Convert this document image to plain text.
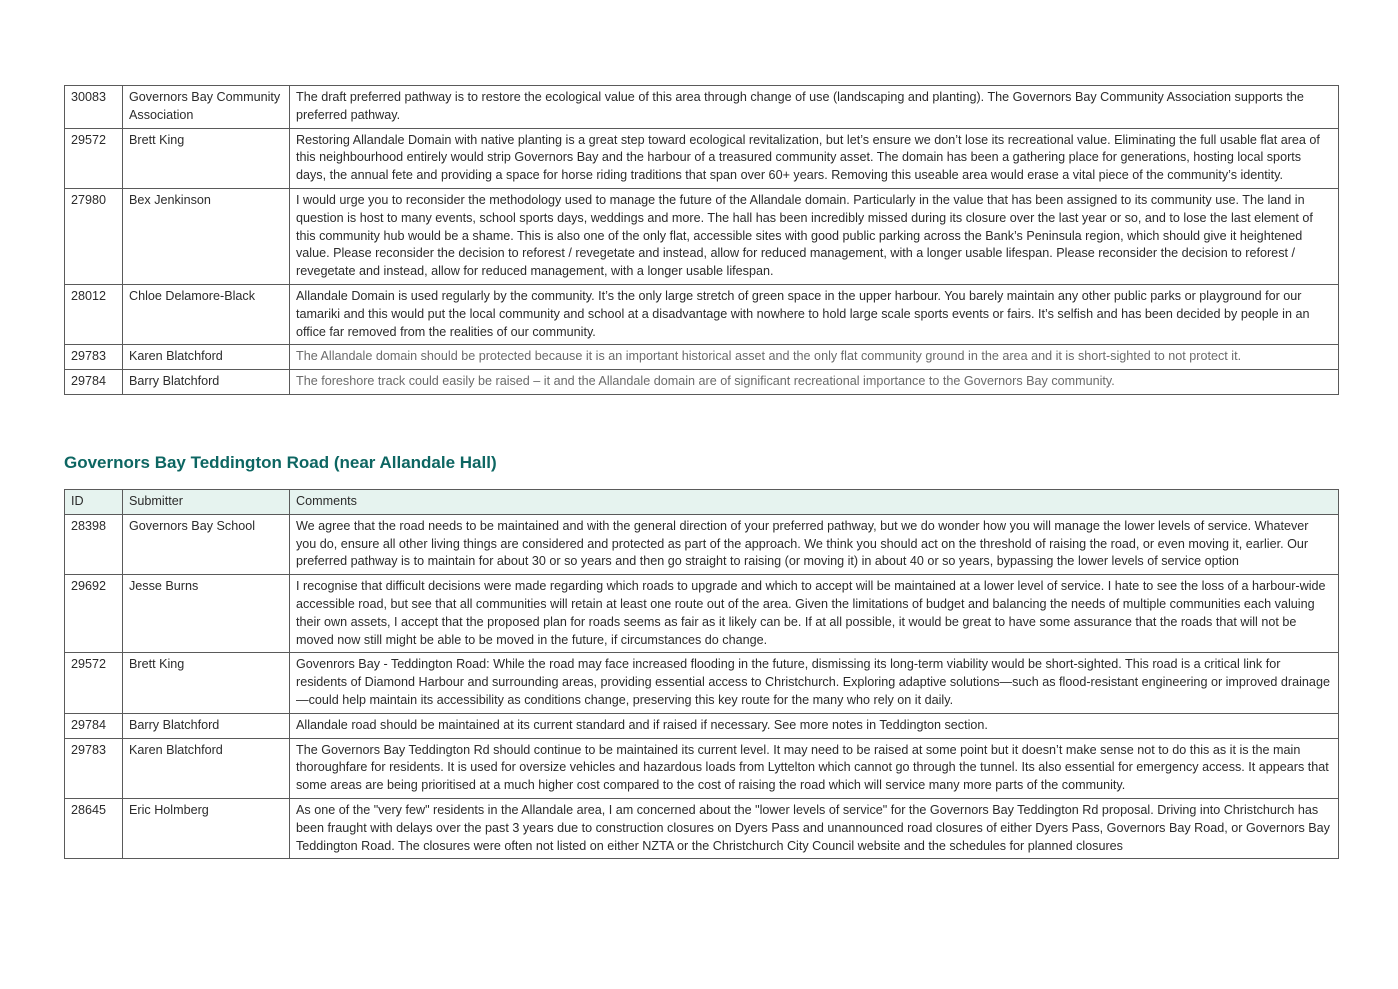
30083	Governors Bay Community Association	The draft preferred pathway is to restore the ecological value of this area through change of use (landscaping and planting). The Governors Bay Community Association supports the preferred pathway.
29572	Brett King	Restoring Allandale Domain with native planting is a great step toward ecological revitalization, but let’s ensure we don’t lose its recreational value. Eliminating the full usable flat area of this neighbourhood entirely would strip Governors Bay and the harbour of a treasured community asset. The domain has been a gathering place for generations, hosting local sports days, the annual fete and providing a space for horse riding traditions that span over 60+ years. Removing this useable area would erase a vital piece of the community’s identity.
27980	Bex Jenkinson	I would urge you to reconsider the methodology used to manage the future of the Allandale domain. Particularly in the value that has been assigned to its community use. The land in question is host to many events, school sports days, weddings and more. The hall has been incredibly missed during its closure over the last year or so, and to lose the last element of this community hub would be a shame. This is also one of the only flat, accessible sites with good public parking across the Bank’s Peninsula region, which should give it heightened value. Please reconsider the decision to reforest / revegetate and instead, allow for reduced management, with a longer usable lifespan. Please reconsider the decision to reforest / revegetate and instead, allow for reduced management, with a longer usable lifespan.
28012	Chloe Delamore-Black	Allandale Domain is used regularly by the community. It’s the only large stretch of green space in the upper harbour. You barely maintain any other public parks or playground for our tamariki and this would put the local community and school at a disadvantage with nowhere to hold large scale sports events or fairs. It’s selfish and has been decided by people in an office far removed from the realities of our community.
29783	Karen Blatchford	The Allandale domain should be protected because it is an important historical asset and the only flat community ground in the area and it is short-sighted to not protect it.
29784	Barry Blatchford	The foreshore track could easily be raised – it and the Allandale domain are of significant recreational importance to the Governors Bay community.
Governors Bay Teddington Road (near Allandale Hall)
ID	Submitter	Comments
28398	Governors Bay School	We agree that the road needs to be maintained and with the general direction of your preferred pathway, but we do wonder how you will manage the lower levels of service. Whatever you do, ensure all other living things are considered and protected as part of the approach. We think you should act on the threshold of raising the road, or even moving it, earlier. Our preferred pathway is to maintain for about 30 or so years and then go straight to raising (or moving it) in about 40 or so years, bypassing the lower levels of service option
29692	Jesse Burns	I recognise that difficult decisions were made regarding which roads to upgrade and which to accept will be maintained at a lower level of service. I hate to see the loss of a harbour-wide accessible road, but see that all communities will retain at least one route out of the area. Given the limitations of budget and balancing the needs of multiple communities each valuing their own assets, I accept that the proposed plan for roads seems as fair as it likely can be. If at all possible, it would be great to have some assurance that the roads that will not be moved now still might be able to be moved in the future, if circumstances do change.
29572	Brett King	Govenrors Bay - Teddington Road: While the road may face increased flooding in the future, dismissing its long-term viability would be short-sighted. This road is a critical link for residents of Diamond Harbour and surrounding areas, providing essential access to Christchurch. Exploring adaptive solutions—such as flood-resistant engineering or improved drainage—could help maintain its accessibility as conditions change, preserving this key route for the many who rely on it daily.
29784	Barry Blatchford	Allandale road should be maintained at its current standard and if raised if necessary. See more notes in Teddington section.
29783	Karen Blatchford	The Governors Bay Teddington Rd should continue to be maintained its current level. It may need to be raised at some point but it doesn’t make sense not to do this as it is the main thoroughfare for residents. It is used for oversize vehicles and hazardous loads from Lyttelton which cannot go through the tunnel. Its also essential for emergency access. It appears that some areas are being prioritised at a much higher cost compared to the cost of raising the road which will service many more parts of the community.
28645	Eric Holmberg	As one of the "very few" residents in the Allandale area, I am concerned about the "lower levels of service" for the Governors Bay Teddington Rd proposal. Driving into Christchurch has been fraught with delays over the past 3 years due to construction closures on Dyers Pass and unannounced road closures of either Dyers Pass, Governors Bay Road, or Governors Bay Teddington Road. The closures were often not listed on either NZTA or the Christchurch City Council website and the schedules for planned closures
